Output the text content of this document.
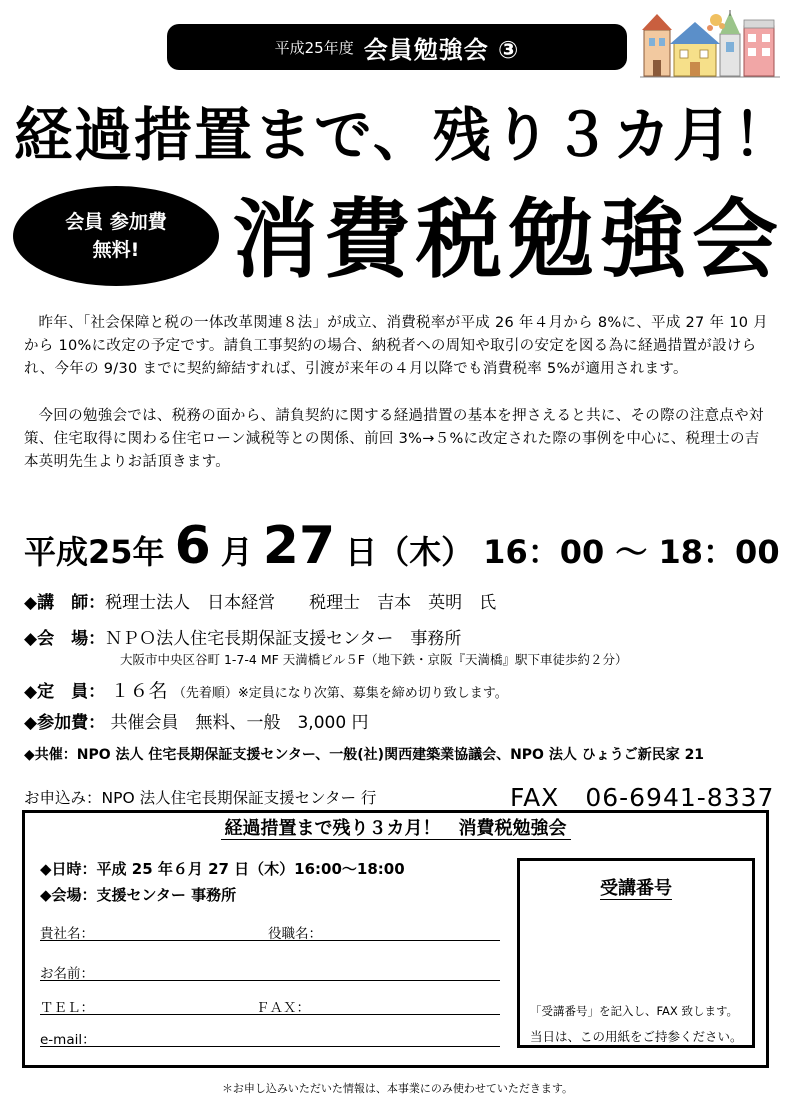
平成25年度 会員勉強会 ③
経過措置まで、残り３カ月！
会員 参加費
無料! 消費税勉強会
昨年、「社会保障と税の一体改革関連８法」が成立、消費税率が平成 26 年４月から 8%に、平成 27 年 10 月から 10%に改定の予定です。請負工事契約の場合、納税者への周知や取引の安定を図る為に経過措置が設けられ、今年の 9/30 までに契約締結すれば、引渡が来年の４月以降でも消費税率 5%が適用されます。
今回の勉強会では、税務の面から、請負契約に関する経過措置の基本を押さえると共に、その際の注意点や対策、住宅取得に関わる住宅ローン減税等との関係、前回 3%→５%に改定された際の事例を中心に、税理士の吉本英明先生よりお話頂きます。
平成 25 年 6 月 27 日 （木） 16：00 〜 18：00
◆講　師：税理士法人　日本経営　　税理士　吉本　英明　氏
◆会　場：ＮＰＯ法人住宅長期保証支援センター　事務所
大阪市中央区谷町 1-7-4 MF 天満橋ビル５F（地下鉄・京阪『天満橋』駅下車徒歩約２分）
◆定　員： １６名 （先着順）※定員になり次第、募集を締め切り致します。
◆参加費： 共催会員　無料、一般　3,000 円
◆共催：NPO 法人 住宅長期保証支援センター、一般(社)関西建築業協議会、NPO 法人 ひょうご新民家 21
お申込み：NPO 法人住宅長期保証支援センター 行	FAX　06-6941-8337
経過措置まで残り３カ月！　消費税勉強会
◆日時：平成 25 年６月 27 日（木）16:00〜18:00
◆会場：支援センター 事務所
貴社名：	役職名：
お名前：
ＴＥＬ：	ＦＡＸ：
e-mail：
受講番号
「受講番号」を記入し、FAX 致します。
当日は、この用紙をご持参ください。
＊お申し込みいただいた情報は、本事業にのみ使わせていただきます。
